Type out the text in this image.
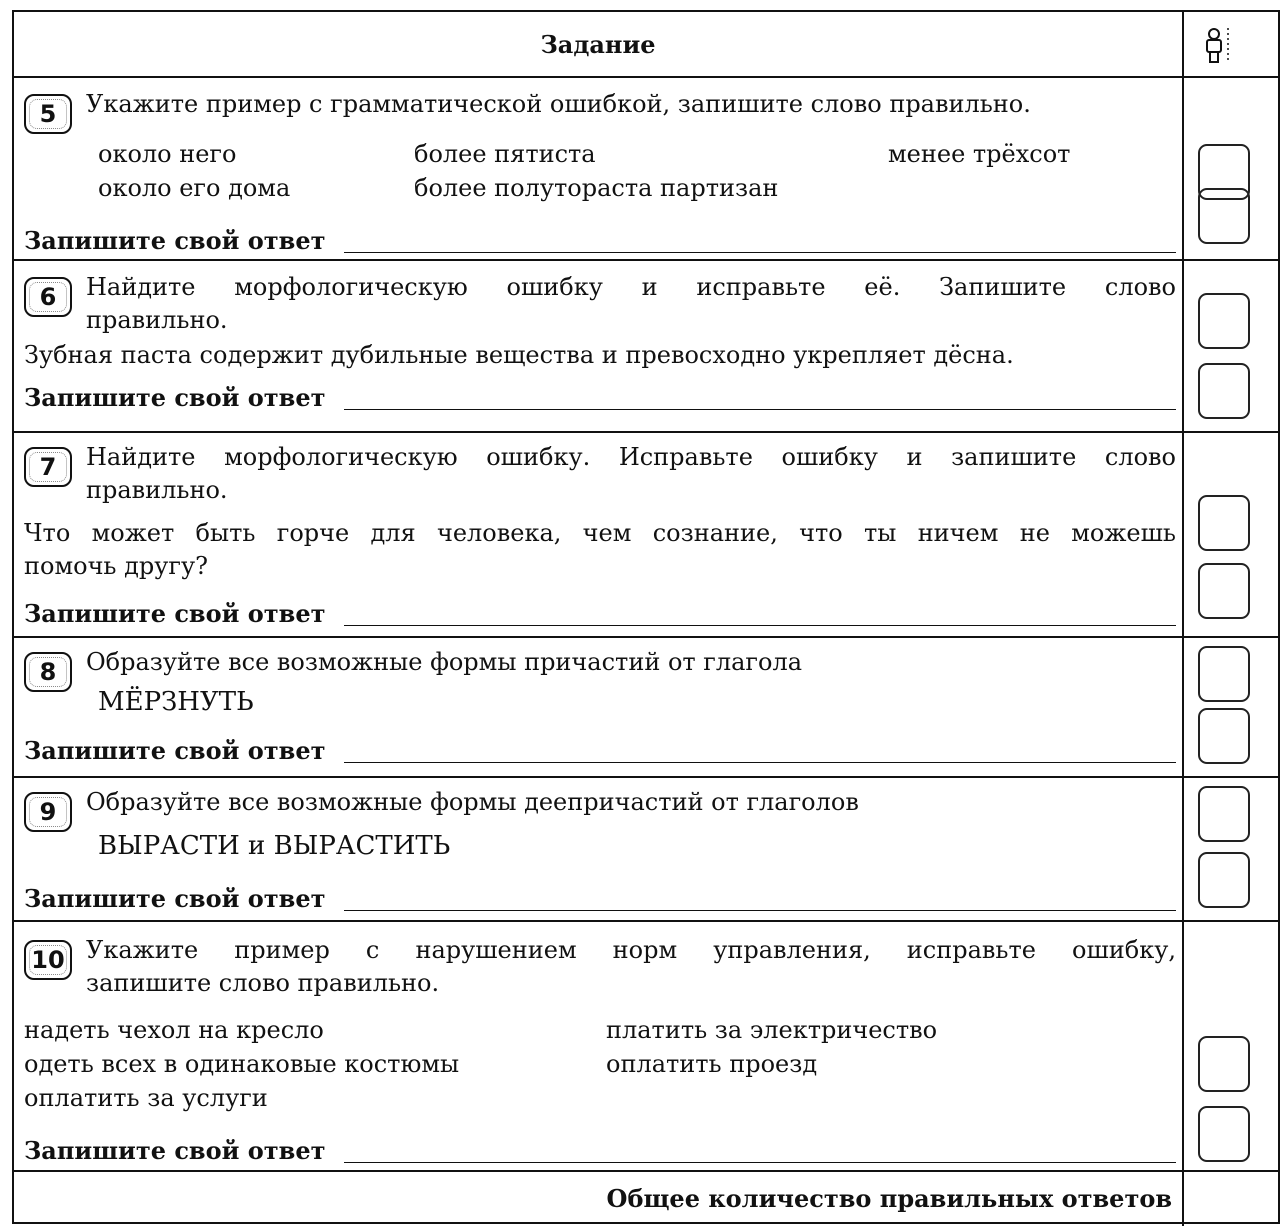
Задание
5	Укажите пример с грамматической ошибкой, запишите слово правильно.
около него	более пятиста	менее трёхсот
около его дома	более полутораста партизан
Запишите свой ответ
6	Найдите морфологическую ошибку и исправьте её. Запишите слово
правильно.
Зубная паста содержит дубильные вещества и превосходно укрепляет дёсна.
Запишите свой ответ
7	Найдите морфологическую ошибку. Исправьте ошибку и запишите слово
правильно.
Что может быть горче для человека, чем сознание, что ты ничем не можешь
помочь другу?
Запишите свой ответ
8	Образуйте все возможные формы причастий от глагола
МЁРЗНУТЬ
Запишите свой ответ
9	Образуйте все возможные формы деепричастий от глаголов
ВЫРАСТИ и ВЫРАСТИТЬ
Запишите свой ответ
10 Укажите пример с нарушением норм управления, исправьте ошибку,
запишите слово правильно.
надеть чехол на кресло	платить за электричество
одеть всех в одинаковые костюмы	оплатить проезд
оплатить за услуги
Запишите свой ответ
Общее количество правильных ответов
